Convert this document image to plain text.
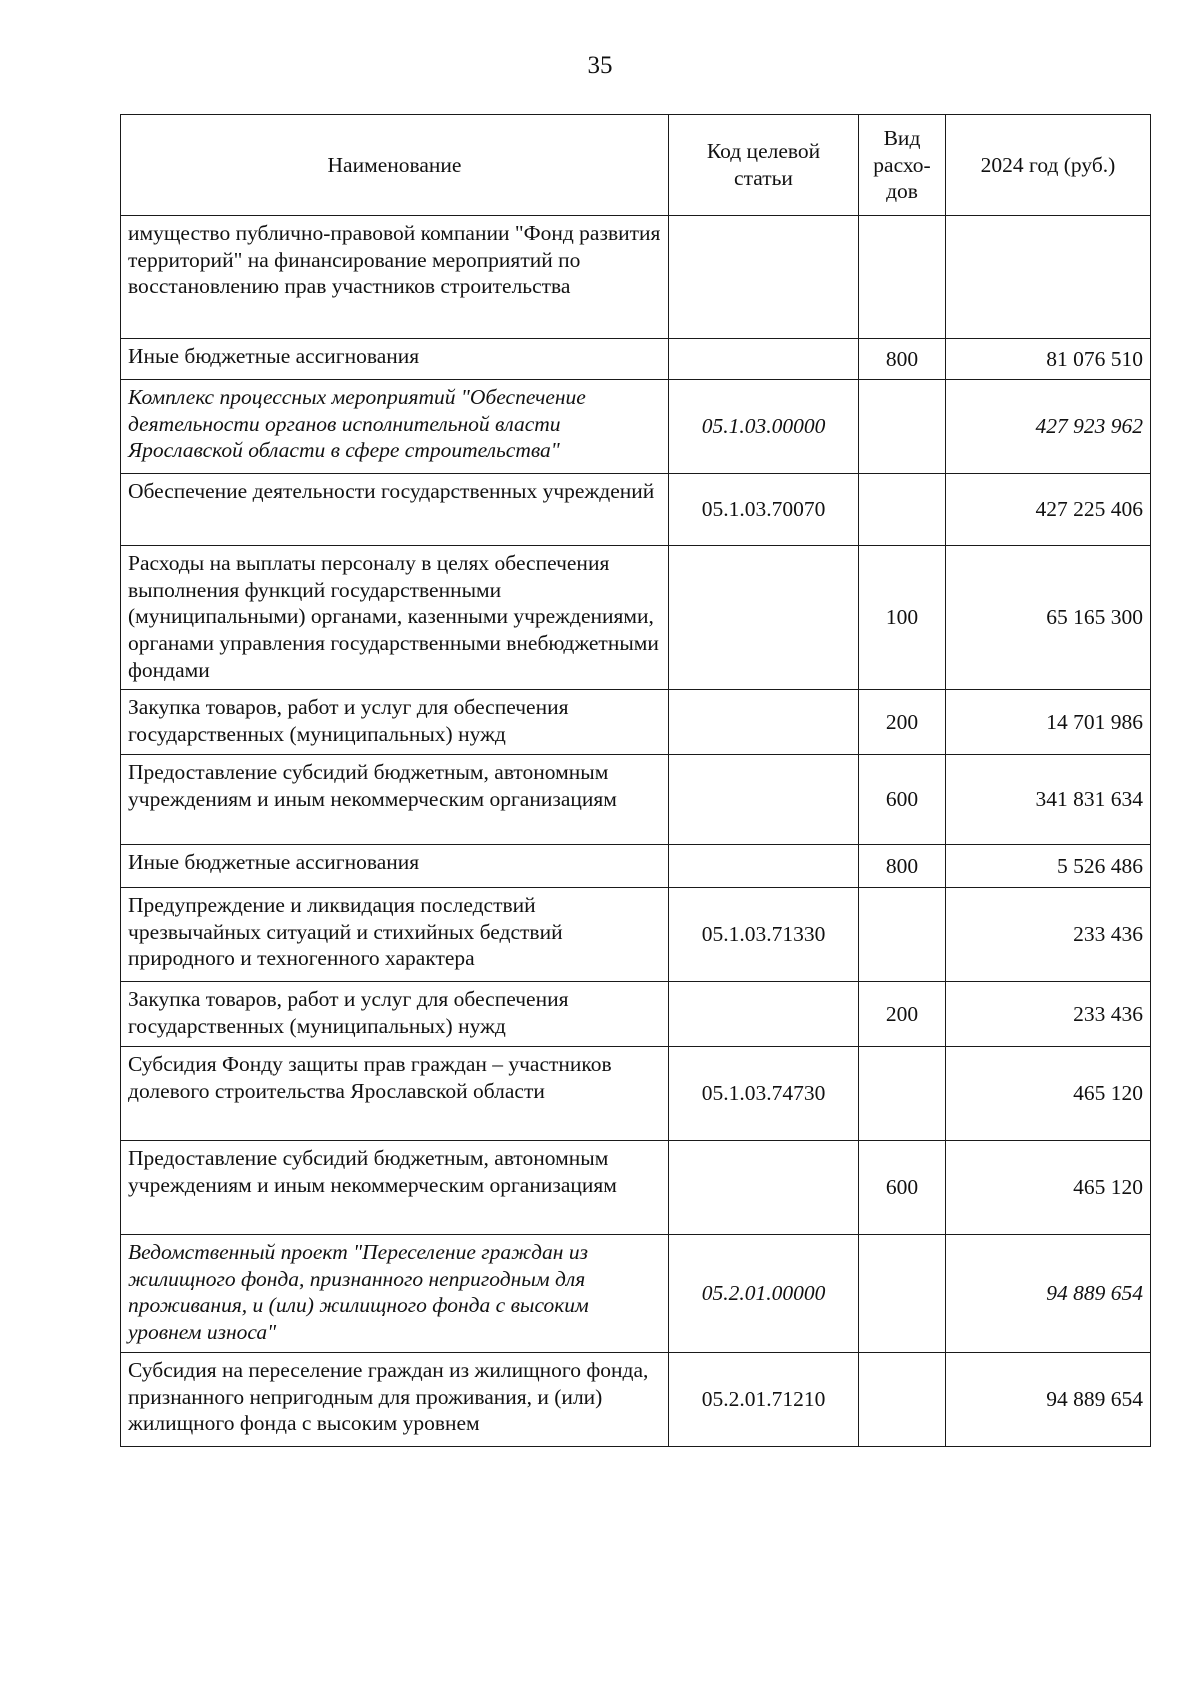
35
Наименование	Код целевой статьи	Вид расхо-дов	2024 год (руб.)
имущество публично-правовой компании "Фонд развития территорий" на финансирование мероприятий по восстановлению прав участников строительства			
Иные бюджетные ассигнования		800	81 076 510
Комплекс процессных мероприятий "Обеспечение деятельности органов исполнительной власти Ярославской области в сфере строительства"	05.1.03.00000		427 923 962
Обеспечение деятельности государственных учреждений	05.1.03.70070		427 225 406
Расходы на выплаты персоналу в целях обеспечения выполнения функций государственными (муниципальными) органами, казенными учреждениями, органами управления государственными внебюджетными фондами		100	65 165 300
Закупка товаров, работ и услуг для обеспечения государственных (муниципальных) нужд		200	14 701 986
Предоставление субсидий бюджетным, автономным учреждениям и иным некоммерческим организациям		600	341 831 634
Иные бюджетные ассигнования		800	5 526 486
Предупреждение и ликвидация последствий чрезвычайных ситуаций и стихийных бедствий природного и техногенного характера	05.1.03.71330		233 436
Закупка товаров, работ и услуг для обеспечения государственных (муниципальных) нужд		200	233 436
Субсидия Фонду защиты прав граждан – участников долевого строительства Ярославской области	05.1.03.74730		465 120
Предоставление субсидий бюджетным, автономным учреждениям и иным некоммерческим организациям		600	465 120
Ведомственный проект "Переселение граждан из жилищного фонда, признанного непригодным для проживания, и (или) жилищного фонда с высоким уровнем износа"	05.2.01.00000		94 889 654
Субсидия на переселение граждан из жилищного фонда, признанного непригодным для проживания, и (или) жилищного фонда с высоким уровнем	05.2.01.71210		94 889 654
